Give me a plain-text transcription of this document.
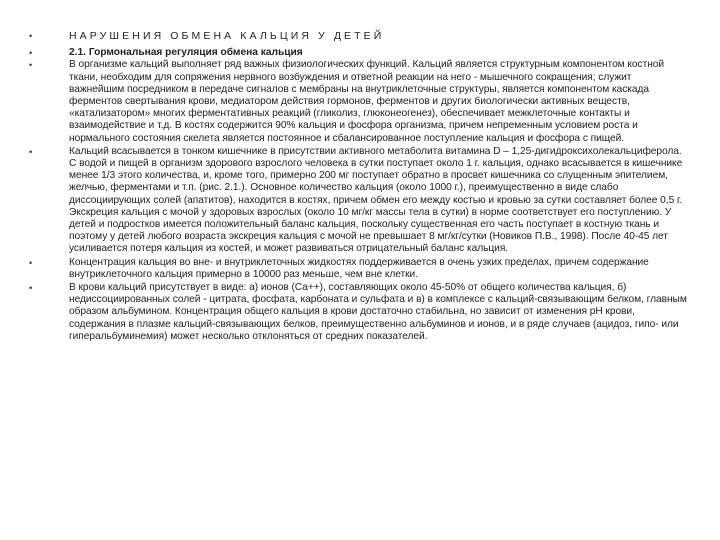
•	НАРУШЕНИЯ ОБМЕНА КАЛЬЦИЯ У ДЕТЕЙ
•	2.1. Гормональная регуляция обмена кальция
•	В организме кальций выполняет ряд важных физиологических функций. Кальций является структурным компонентом костной ткани, необходим для сопряжения нервного возбуждения и ответной реакции на него - мышечного сокращения; служит важнейшим посредником в передаче сигналов с мембраны на внутриклеточные структуры, является компонентом каскада ферментов свертывания крови, медиатором действия гормонов, ферментов и других биологически активных веществ, «катализатором» многих ферментативных реакций (гликолиз, глюконеогенез), обеспечивает межклеточные контакты и взаимодействие и т.д. В костях содержится 90% кальция и фосфора организма, причем непременным условием роста и нормального состояния скелета является постоянное и сбалансированное поступление кальция и фосфора с пищей.
•	Кальций всасывается в тонком кишечнике в присутствии активного метаболита витамина D – 1,25-дигидроксихолекальциферола. С водой и пищей в организм здорового взрослого человека в сутки поступает около 1 г. кальция, однако всасывается в кишечнике менее 1/3 этого количества, и, кроме того, примерно 200 мг поступает обратно в просвет кишечника со слущенным эпителием, желчью, ферментами и т.п. (рис. 2.1.). Основное количество кальция (около 1000 г.), преимущественно в виде слабо диссоциирующих солей (апатитов), находится в костях, причем обмен его между костью и кровью за сутки составляет более 0,5 г. Экскреция кальция с мочой у здоровых взрослых (около 10 мг/кг массы тела в сутки) в норме соответствует его поступлению. У детей и подростков имеется положительный баланс кальция, поскольку существенная его часть поступает в костную ткань и поэтому у детей любого возраста экскреция кальция с мочой не превышает 8 мг/кг/сутки (Новиков П.В., 1998). После 40-45 лет усиливается потеря кальция из костей, и может развиваться отрицательный баланс кальция.
•	Концентрация кальция во вне- и внутриклеточных жидкостях поддерживается в очень узких пределах, причем содержание внутриклеточного кальция примерно в 10000 раз меньше, чем вне клетки.
•	В крови кальций присутствует в виде: а) ионов (Са++), составляющих около 45-50% от общего количества кальция, б) недиссоциированных солей - цитрата, фосфата, карбоната и сульфата и в) в комплексе с кальций-связывающим белком, главным образом альбумином. Концентрация общего кальция в крови достаточно стабильна, но зависит от изменения рН крови, содержания в плазме кальций-связывающих белков, преимущественно альбуминов и ионов, и в ряде случаев (ацидоз, гипо- или гиперальбуминемия) может несколько отклоняться от средних показателей.
